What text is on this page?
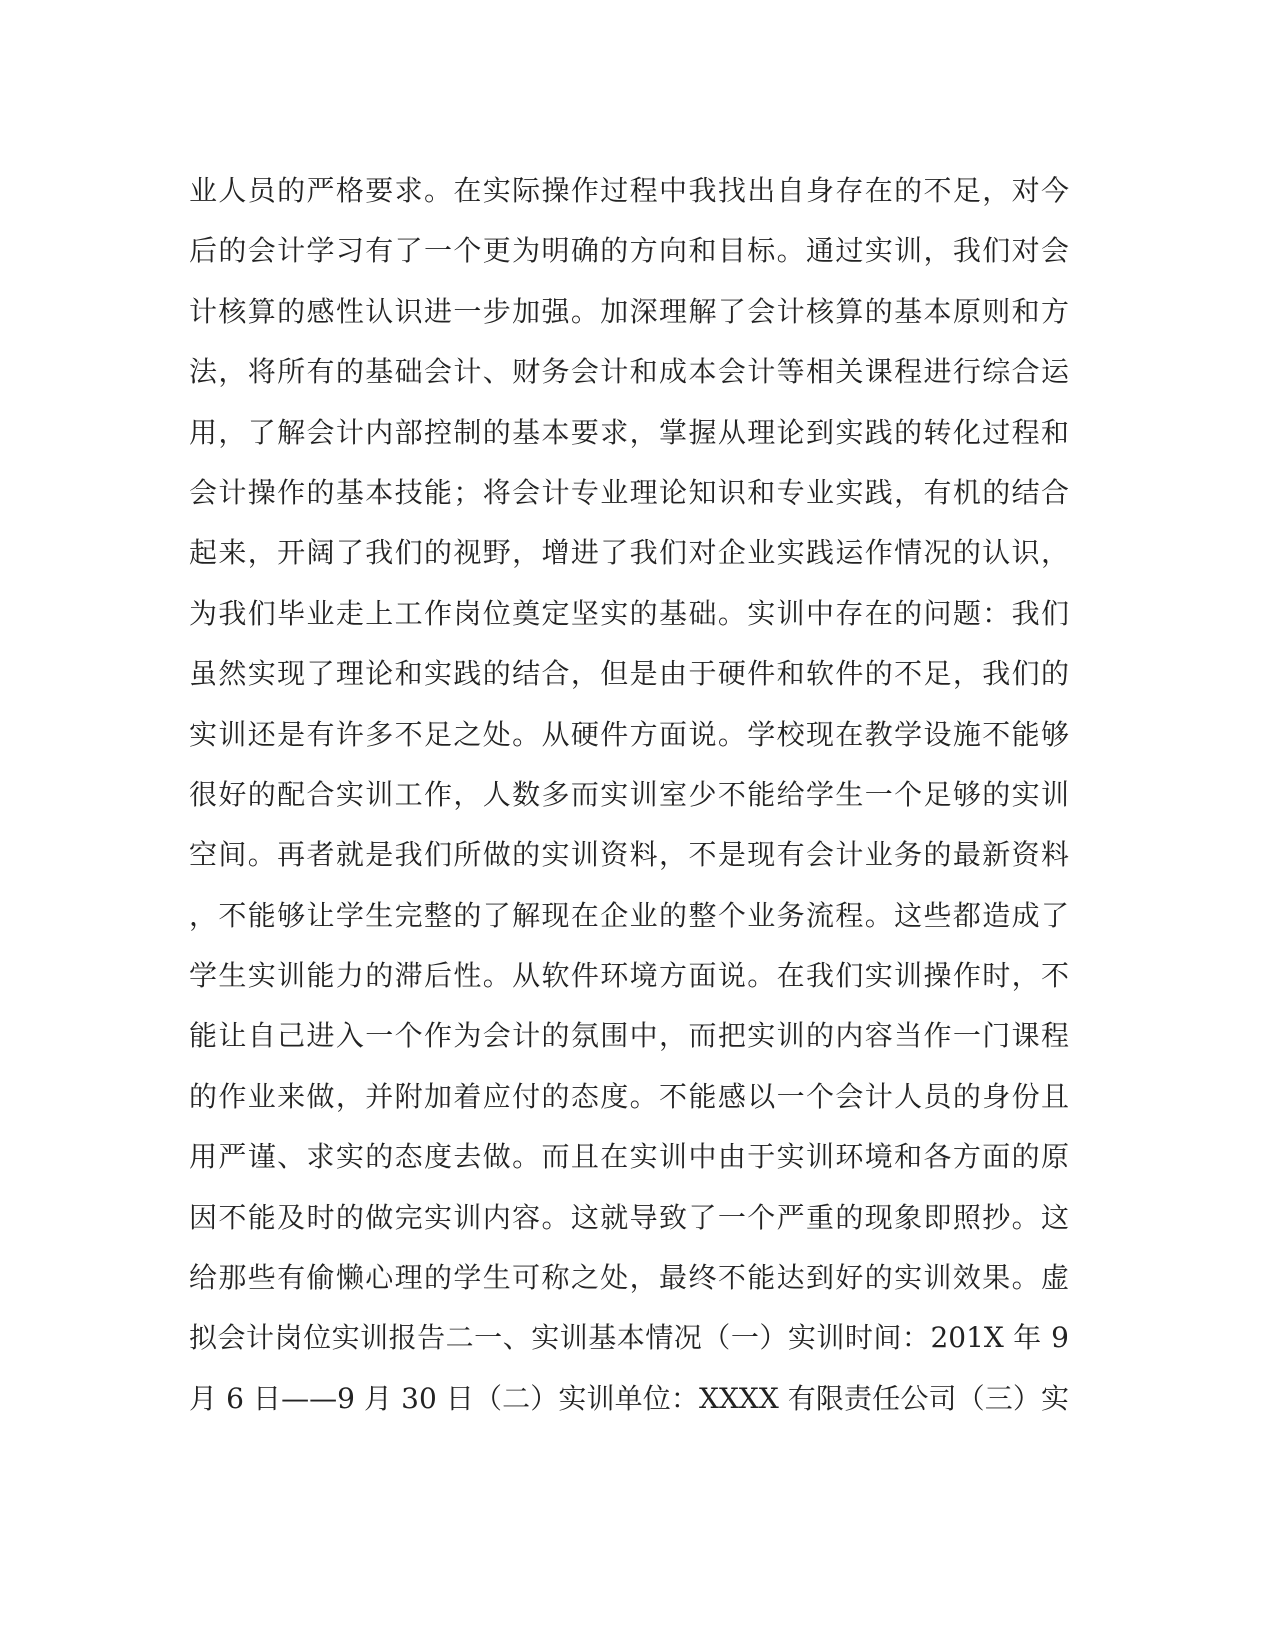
业人员的严格要求。在实际操作过程中我找出自身存在的不足，对今
后的会计学习有了一个更为明确的方向和目标。通过实训，我们对会
计核算的感性认识进一步加强。加深理解了会计核算的基本原则和方
法，将所有的基础会计、财务会计和成本会计等相关课程进行综合运
用，了解会计内部控制的基本要求，掌握从理论到实践的转化过程和
会计操作的基本技能；将会计专业理论知识和专业实践，有机的结合
起来，开阔了我们的视野，增进了我们对企业实践运作情况的认识，
为我们毕业走上工作岗位奠定坚实的基础。实训中存在的问题：我们
虽然实现了理论和实践的结合，但是由于硬件和软件的不足，我们的
实训还是有许多不足之处。从硬件方面说。学校现在教学设施不能够
很好的配合实训工作，人数多而实训室少不能给学生一个足够的实训
空间。再者就是我们所做的实训资料，不是现有会计业务的最新资料
，不能够让学生完整的了解现在企业的整个业务流程。这些都造成了
学生实训能力的滞后性。从软件环境方面说。在我们实训操作时，不
能让自己进入一个作为会计的氛围中，而把实训的内容当作一门课程
的作业来做，并附加着应付的态度。不能感以一个会计人员的身份且
用严谨、求实的态度去做。而且在实训中由于实训环境和各方面的原
因不能及时的做完实训内容。这就导致了一个严重的现象即照抄。这
给那些有偷懒心理的学生可称之处，最终不能达到好的实训效果。虚
拟会计岗位实训报告二一、实训基本情况（一）实训时间：201X 年 9
月 6 日——9 月 30 日（二）实训单位：XXXX 有限责任公司（三）实
